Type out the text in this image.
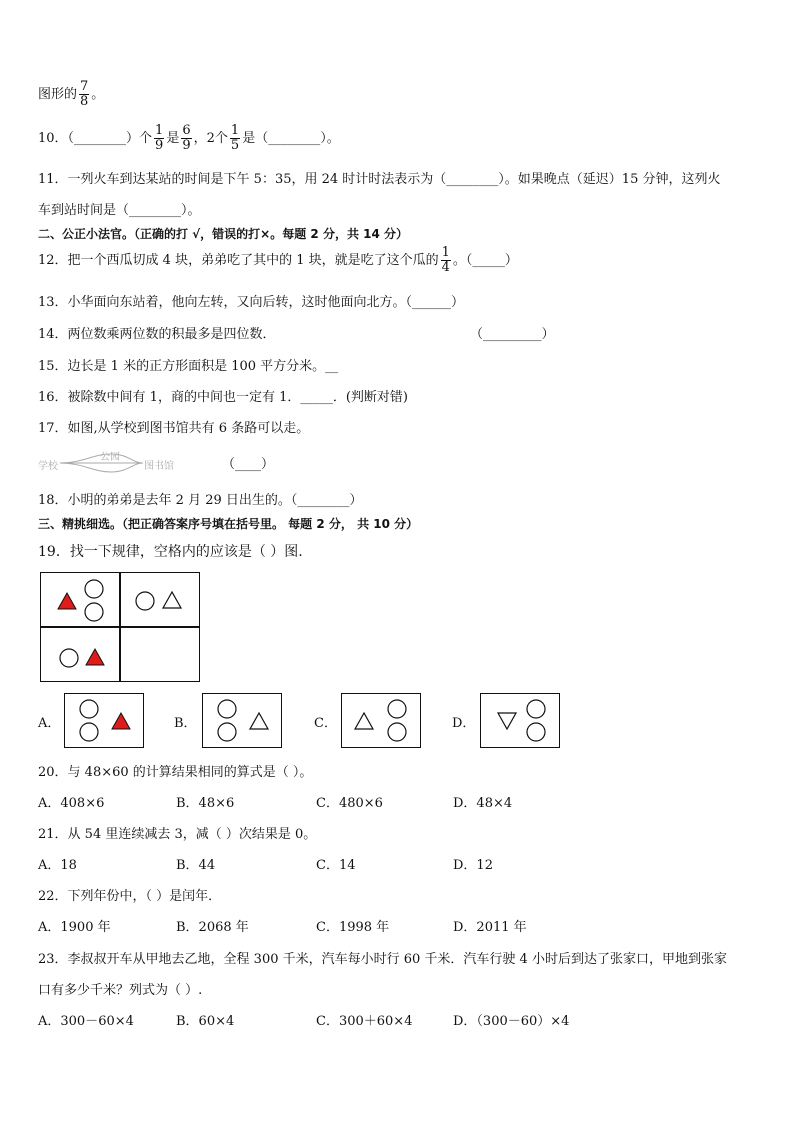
图形的 $\frac{7}{8}$ 。
10．（________）个 $\frac{1}{9}$ 是 $\frac{6}{9}$ ，2个 $\frac{1}{5}$ 是（________）。
11．一列火车到达某站的时间是下午 5：35，用 24 时计时法表示为（________）。如果晚点（延迟）15 分钟，这列火
车到站时间是（________）。
二、公正小法官。（正确的打 √，错误的打×。每题 2 分，共 14 分）
12．把一个西瓜切成 4 块，弟弟吃了其中的 1 块，就是吃了这个瓜的 $\frac{1}{4}$ 。（_____）
13．小华面向东站着，他向左转，又向后转，这时他面向北方。（______）
14．两位数乘两位数的积最多是四位数．	（_________）
15．边长是 1 米的正方形面积是 100 平方分米。__
16．被除数中间有 1，商的中间也一定有 1．_____．(判断对错)
17．如图,从学校到图书馆共有 6 条路可以走。
学校
公园
图书馆	（____）
18．小明的弟弟是去年 2 月 29 日出生的。（________）
三、精挑细选。（把正确答案序号填在括号里。 每题 2 分， 共 10 分）
19．找一下规律，空格内的应该是（ ）图.
A．	B．	C．	D．
20．与 48×60 的计算结果相同的算式是（ ）。
A．408×6	B．48×6	C．480×6	D．48×4
21．从 54 里连续减去 3，减（ ）次结果是 0。
A．18	B．44	C．14	D．12
22．下列年份中，（ ）是闰年．
A．1900 年	B．2068 年	C．1998 年	D．2011 年
23．李叔叔开车从甲地去乙地，全程 300 千米，汽车每小时行 60 千米．汽车行驶 4 小时后到达了张家口，甲地到张家
口有多少千米？列式为（ ）.
A．300－60×4	B．60×4	C．300＋60×4	D．（300－60）×4
